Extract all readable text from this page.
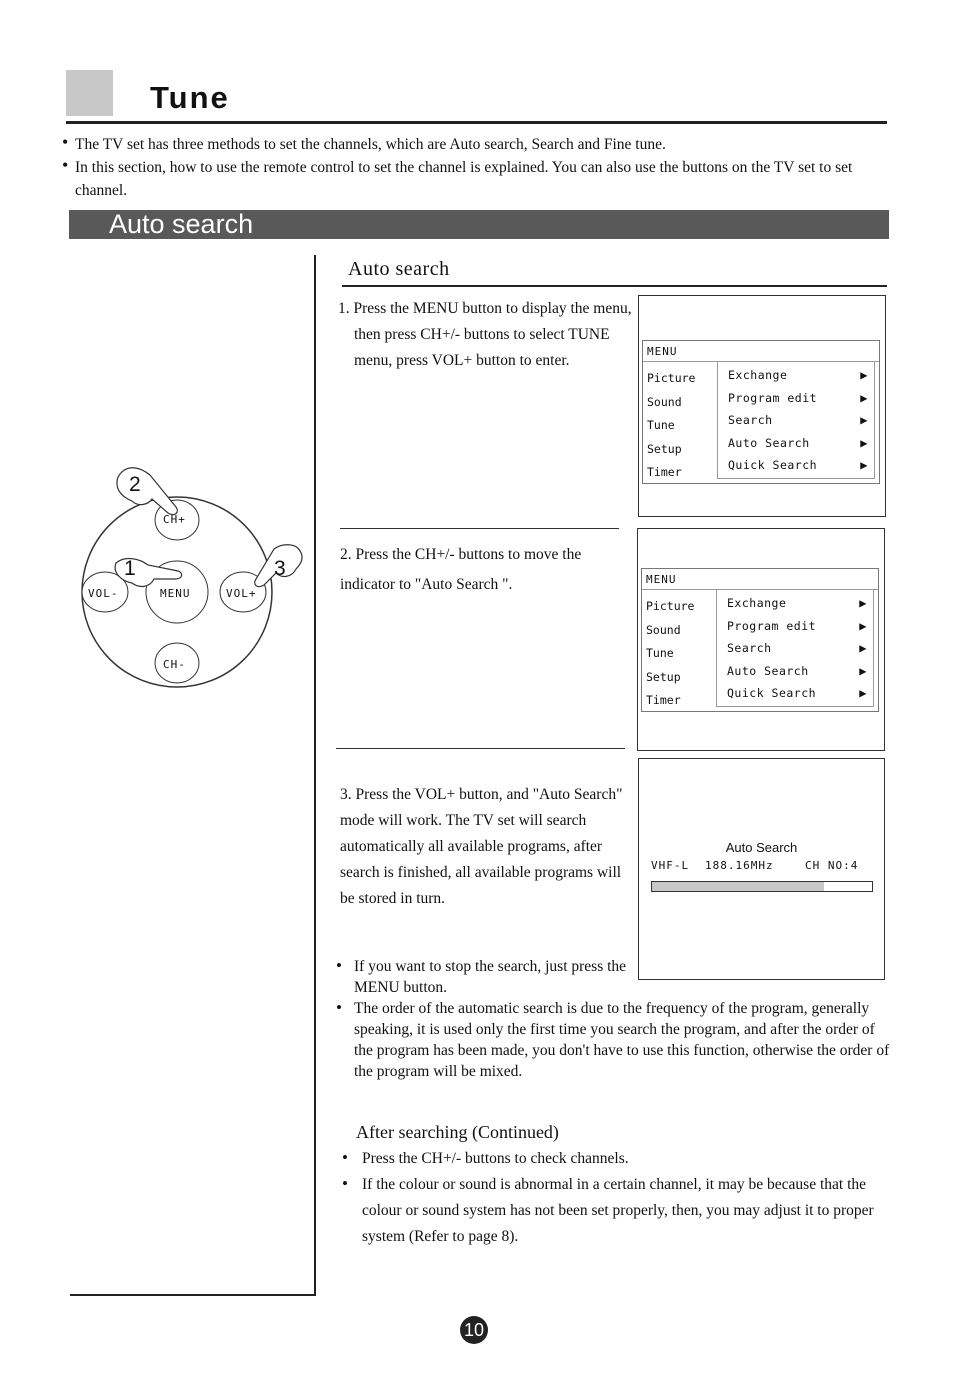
Tune
• The TV set has three methods to set the channels, which are Auto search, Search and Fine tune.
• In this section, how to use the remote control to set the channel is explained. You can also use the buttons on the TV set to set channel.
Auto search
CH+
CH-
VOL-	VOL+
MENU
2
1	3
Auto search
1. Press the MENU button to display the menu, then press CH+/- buttons to select TUNE menu, press VOL+ button to enter.
MENU
Picture
Sound
Tune
Setup
Timer
Exchange	▶
Program edit	▶
Search	▶
Auto Search	▶
Quick Search	▶
2. Press the CH+/- buttons to move the indicator to "Auto Search ".	MENU
Picture
Sound
Tune
Setup
Timer
Exchange	▶
Program edit	▶
Search	▶
Auto Search	▶
Quick Search	▶
3. Press the VOL+ button, and "Auto Search" mode will work. The TV set will search automatically all available programs, after search is finished, all available programs will be stored in turn.
Auto Search
VHF-L 188.16MHz	CH NO:4
• If you want to stop the search, just press the MENU button.
• The order of the automatic search is due to the frequency of the program, generally speaking, it is used only the first time you search the program, and after the order of the program has been made, you don't have to use this function, otherwise the order of the program will be mixed.
After searching (Continued)
• Press the CH+/- buttons to check channels.
• If the colour or sound is abnormal in a certain channel, it may be because that the colour or sound system has not been set properly, then, you may adjust it to proper system (Refer to page 8).
10
